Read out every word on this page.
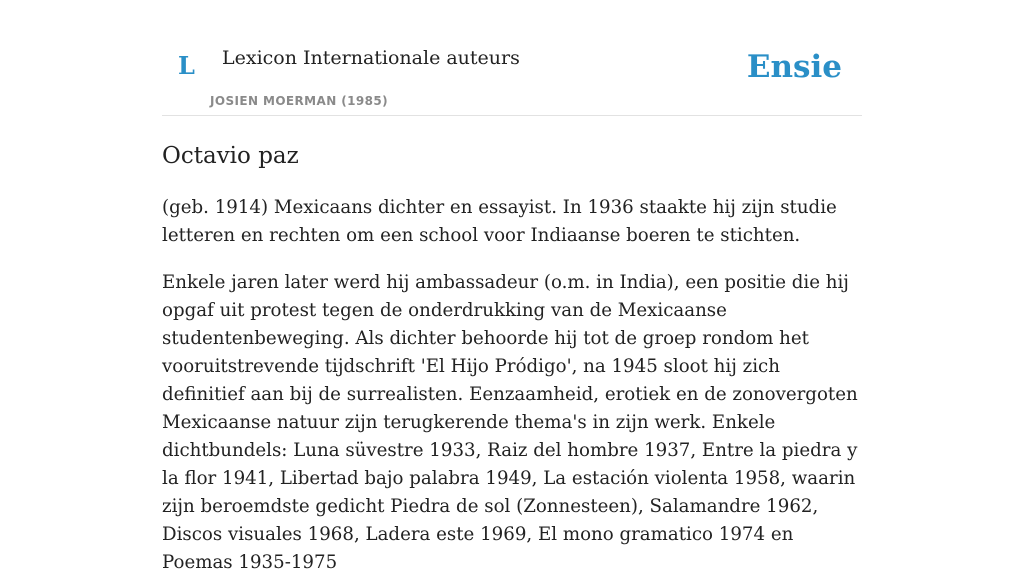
L Lexicon Internationale auteurs
JOSIEN MOERMAN (1985)
Ensie
Octavio paz

(geb. 1914) Mexicaans dichter en essayist. In 1936 staakte hij zijn studie letteren en rechten om een school voor Indiaanse boeren te stichten.

Enkele jaren later werd hij ambassadeur (o.m. in India), een positie die hij opgaf uit protest tegen de onderdrukking van de Mexicaanse studentenbeweging. Als dichter behoorde hij tot de groep rondom het vooruitstrevende tijdschrift 'El Hijo Pródigo', na 1945 sloot hij zich definitief aan bij de surrealisten. Eenzaamheid, erotiek en de zonovergoten Mexicaanse natuur zijn terugkerende thema's in zijn werk. Enkele dichtbundels: Luna süvestre 1933, Raiz del hombre 1937, Entre la piedra y la flor 1941, Libertad bajo palabra 1949, La estación violenta 1958, waarin zijn beroemdste gedicht Piedra de sol (Zonnesteen), Salamandre 1962, Discos visuales 1968, Ladera este 1969, El mono gramatico 1974 en Poemas 1935-1975
